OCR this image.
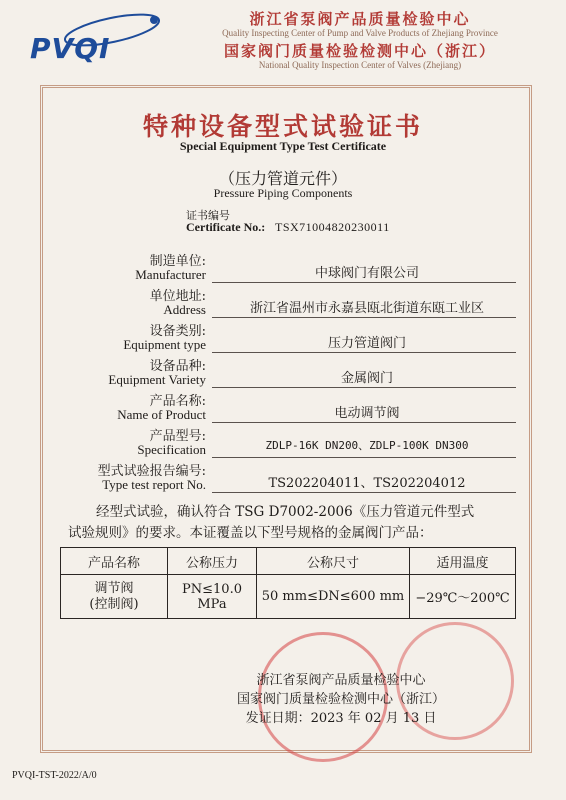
PVQI
浙江省泵阀产品质量检验中心
Quality Inspecting Center of Pump and Valve Products of Zhejiang Province
国家阀门质量检验检测中心（浙江）
National Quality Inspection Center of Valves (Zhejiang)
特种设备型式试验证书
Special Equipment Type Test Certificate
（压力管道元件）
Pressure Piping Components
证书编号
Certificate No.: TSX71004820230011
制造单位:
Manufacturer	中球阀门有限公司
单位地址:
Address	浙江省温州市永嘉县瓯北街道东瓯工业区
设备类别:
Equipment type	压力管道阀门
设备品种:
Equipment Variety	金属阀门
产品名称:
Name of Product	电动调节阀
产品型号:
Specification	ZDLP-16K DN200、ZDLP-100K DN300
型式试验报告编号:
Type test report No.	TS202204011、TS202204012
经型式试验，确认符合 TSG D7002-2006《压力管道元件型式
试验规则》的要求。本证覆盖以下型号规格的金属阀门产品：
产品名称	公称压力	公称尺寸	适用温度

调节阀
(控制阀)	PN≤10.0 MPa	50 mm≤DN≤600 mm	−29℃～200℃
浙江省泵阀产品质量检验中心
国家阀门质量检验检测中心（浙江）
发证日期：2023 年 02 月 13 日
PVQI-TST-2022/A/0
